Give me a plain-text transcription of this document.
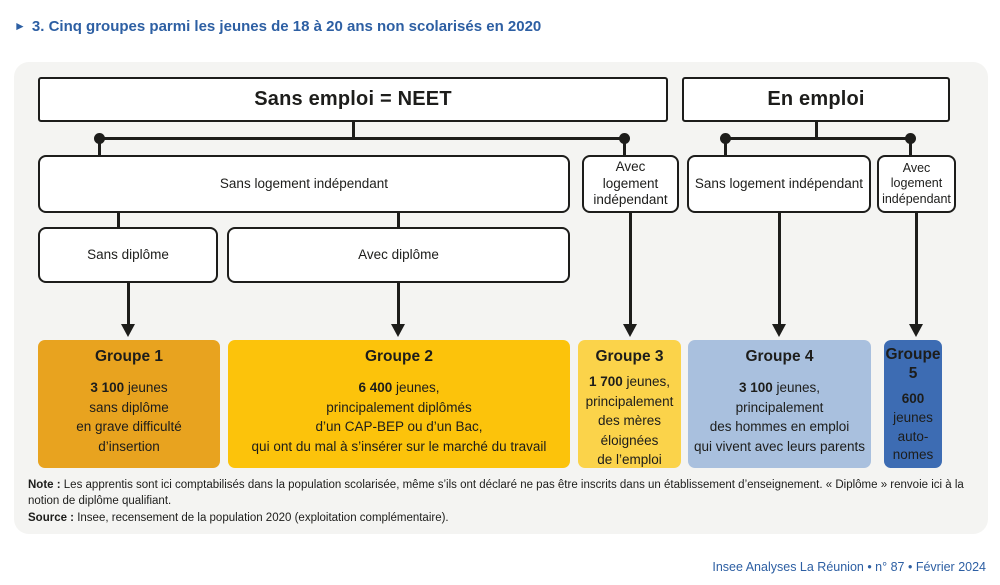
► 3. Cinq groupes parmi les jeunes de 18 à 20 ans non scolarisés en 2020
Sans emploi = NEET	En emploi
Sans logement indépendant
Avec logement indépendant
Sans logement indépendant
Avec logement indépendant
Sans diplôme	Avec diplôme
Groupe 1
3 100 jeunes
sans diplôme
en grave difficulté
d’insertion
Groupe 2
6 400 jeunes,
principalement diplômés
d’un CAP-BEP ou d’un Bac,
qui ont du mal à s’insérer sur le marché du travail
Groupe 3
1 700 jeunes,
principalement
des mères
éloignées
de l’emploi
Groupe 4
3 100 jeunes,
principalement
des hommes en emploi
qui vivent avec leurs parents
Groupe 5
600
jeunes
auto-
nomes

Note : Les apprentis sont ici comptabilisés dans la population scolarisée, même s’ils ont déclaré ne pas être inscrits dans un établissement d’enseignement. « Diplôme » renvoie ici à la notion de diplôme qualifiant.

Source : Insee, recensement de la population 2020 (exploitation complémentaire).

Insee Analyses La Réunion • n° 87 • Février 2024
